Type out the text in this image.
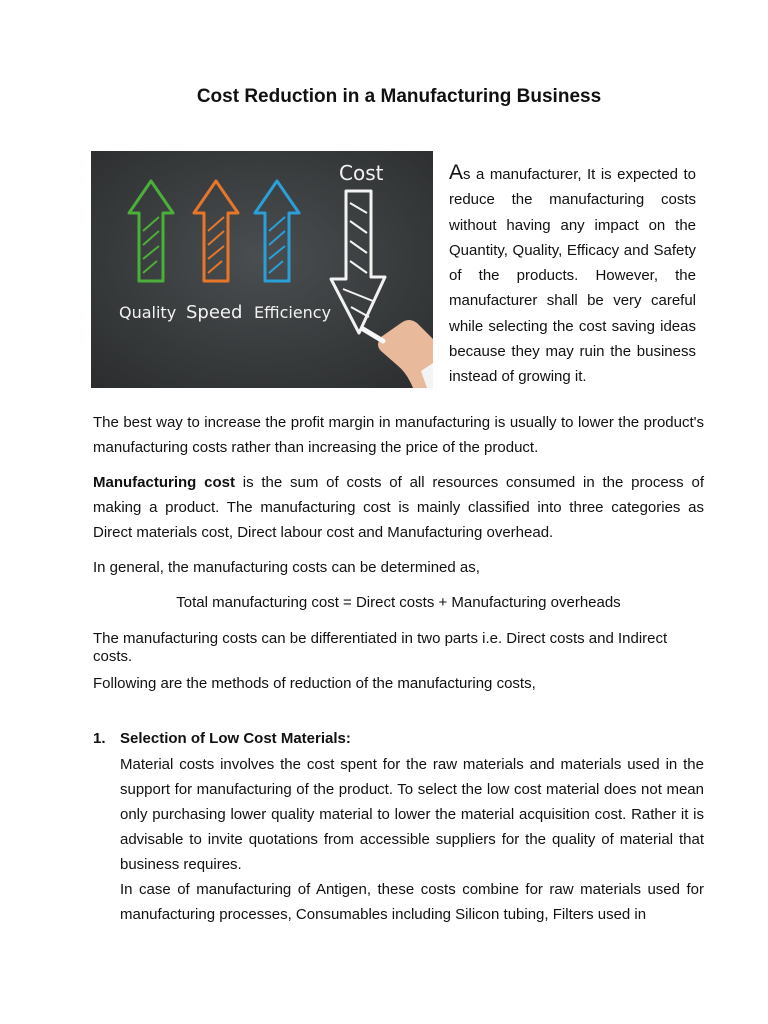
Cost Reduction in a Manufacturing Business
Cost
Quality Speed Efficiency
As a manufacturer, It is expected to reduce the manufacturing costs without having any impact on the Quantity, Quality, Efficacy and Safety of the products. However, the manufacturer shall be very careful while selecting the cost saving ideas because they may ruin the business instead of growing it.
The best way to increase the profit margin in manufacturing is usually to lower the product's manufacturing costs rather than increasing the price of the product.
Manufacturing cost is the sum of costs of all resources consumed in the process of making a product. The manufacturing cost is mainly classified into three categories as Direct materials cost, Direct labour cost and Manufacturing overhead.
In general, the manufacturing costs can be determined as,
Total manufacturing cost = Direct costs + Manufacturing overheads
The manufacturing costs can be differentiated in two parts i.e. Direct costs and Indirect costs.
Following are the methods of reduction of the manufacturing costs,
1. Selection of Low Cost Materials:
Material costs involves the cost spent for the raw materials and materials used in the support for manufacturing of the product. To select the low cost material does not mean only purchasing lower quality material to lower the material acquisition cost. Rather it is advisable to invite quotations from accessible suppliers for the quality of material that business requires.
In case of manufacturing of Antigen, these costs combine for raw materials used for manufacturing processes, Consumables including Silicon tubing, Filters used in
